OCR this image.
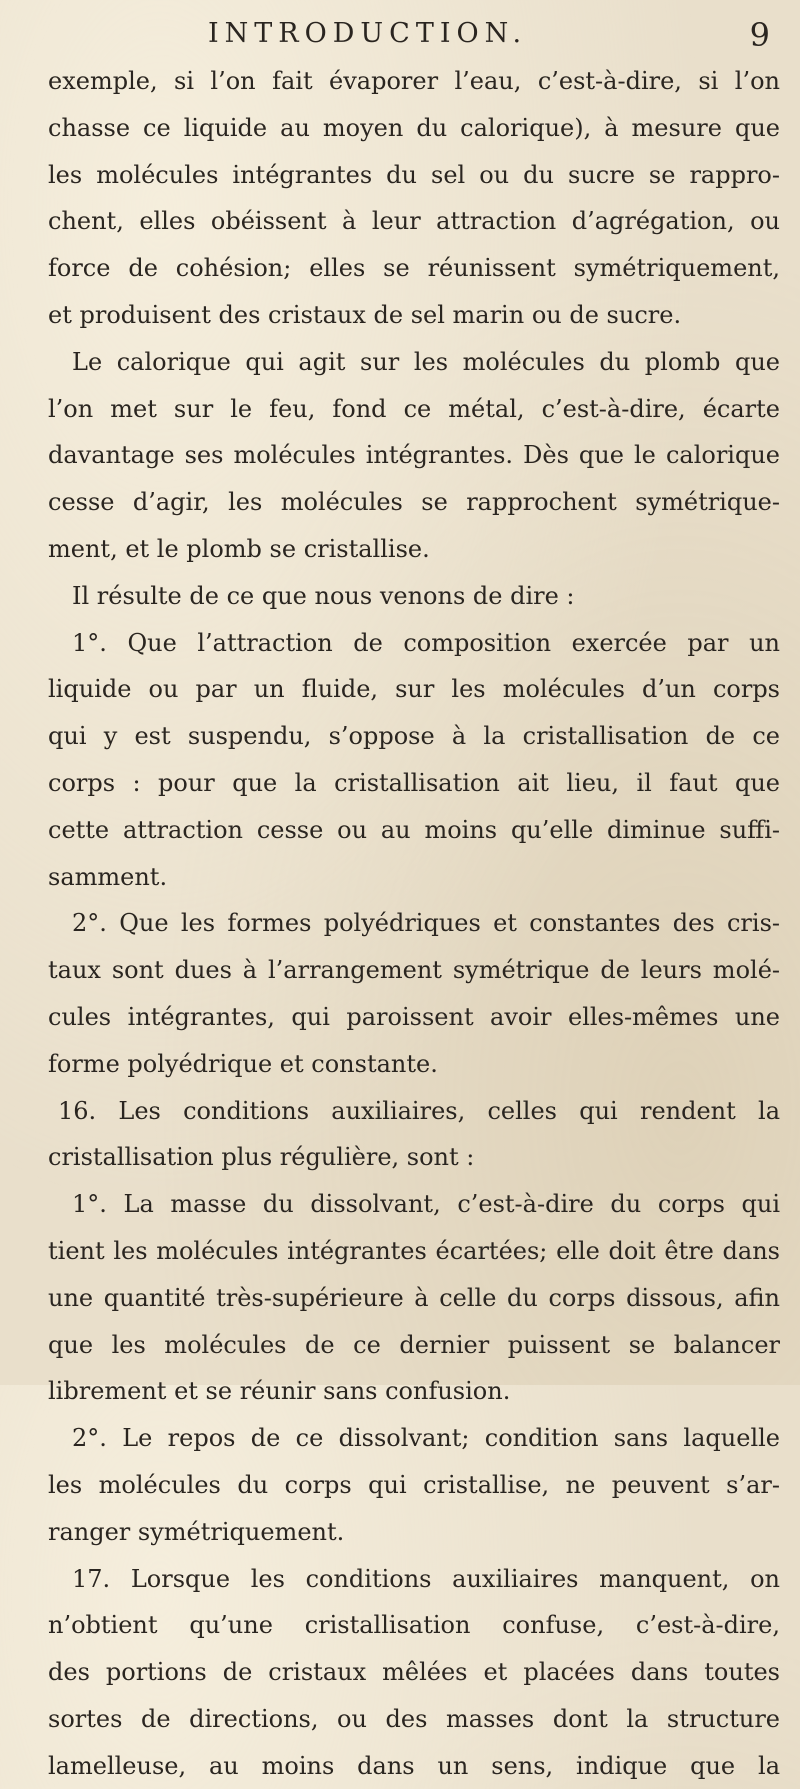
INTRODUCTION.	9
exemple, si l’on fait évaporer l’eau, c’est-à-dire, si l’on
chasse ce liquide au moyen du calorique), à mesure que
les molécules intégrantes du sel ou du sucre se rappro-
chent, elles obéissent à leur attraction d’agrégation, ou
force de cohésion; elles se réunissent symétriquement,
et produisent des cristaux de sel marin ou de sucre.
Le calorique qui agit sur les molécules du plomb que
l’on met sur le feu, fond ce métal, c’est-à-dire, écarte
davantage ses molécules intégrantes. Dès que le calorique
cesse d’agir, les molécules se rapprochent symétrique-
ment, et le plomb se cristallise.
Il résulte de ce que nous venons de dire :
1°. Que l’attraction de composition exercée par un
liquide ou par un fluide, sur les molécules d’un corps
qui y est suspendu, s’oppose à la cristallisation de ce
corps : pour que la cristallisation ait lieu, il faut que
cette attraction cesse ou au moins qu’elle diminue suffi-
samment.
2°. Que les formes polyédriques et constantes des cris-
taux sont dues à l’arrangement symétrique de leurs molé-
cules intégrantes, qui paroissent avoir elles-mêmes une
forme polyédrique et constante.
16. Les conditions auxiliaires, celles qui rendent la
cristallisation plus régulière, sont :
1°. La masse du dissolvant, c’est-à-dire du corps qui
tient les molécules intégrantes écartées; elle doit être dans
une quantité très-supérieure à celle du corps dissous, afin
que les molécules de ce dernier puissent se balancer
librement et se réunir sans confusion.
2°. Le repos de ce dissolvant; condition sans laquelle
les molécules du corps qui cristallise, ne peuvent s’ar-
ranger symétriquement.
17. Lorsque les conditions auxiliaires manquent, on
n’obtient qu’une cristallisation confuse, c’est-à-dire,
des portions de cristaux mêlées et placées dans toutes
sortes de directions, ou des masses dont la structure
lamelleuse, au moins dans un sens, indique que la
